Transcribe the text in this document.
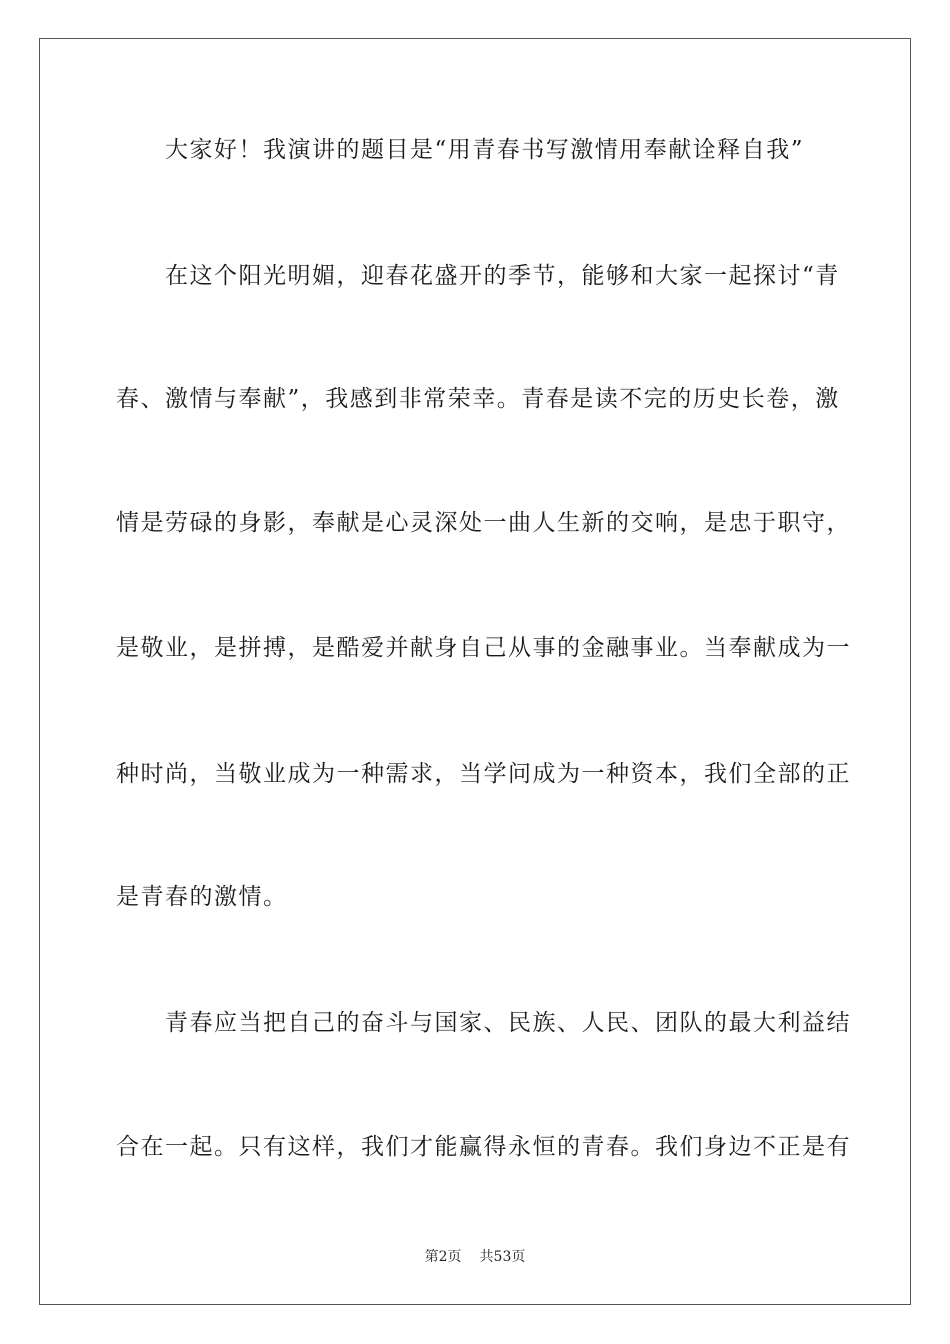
大家好！我演讲的题目是“用青春书写激情用奉献诠释自我”
在这个阳光明媚，迎春花盛开的季节，能够和大家一起探讨“青
春、激情与奉献”，我感到非常荣幸。青春是读不完的历史长卷，激
情是劳碌的身影，奉献是心灵深处一曲人生新的交响，是忠于职守，
是敬业，是拼搏，是酷爱并献身自己从事的金融事业。当奉献成为一
种时尚，当敬业成为一种需求，当学问成为一种资本，我们全部的正
是青春的激情。
青春应当把自己的奋斗与国家、民族、人民、团队的最大利益结
合在一起。只有这样，我们才能赢得永恒的青春。我们身边不正是有
第2页 共53页
